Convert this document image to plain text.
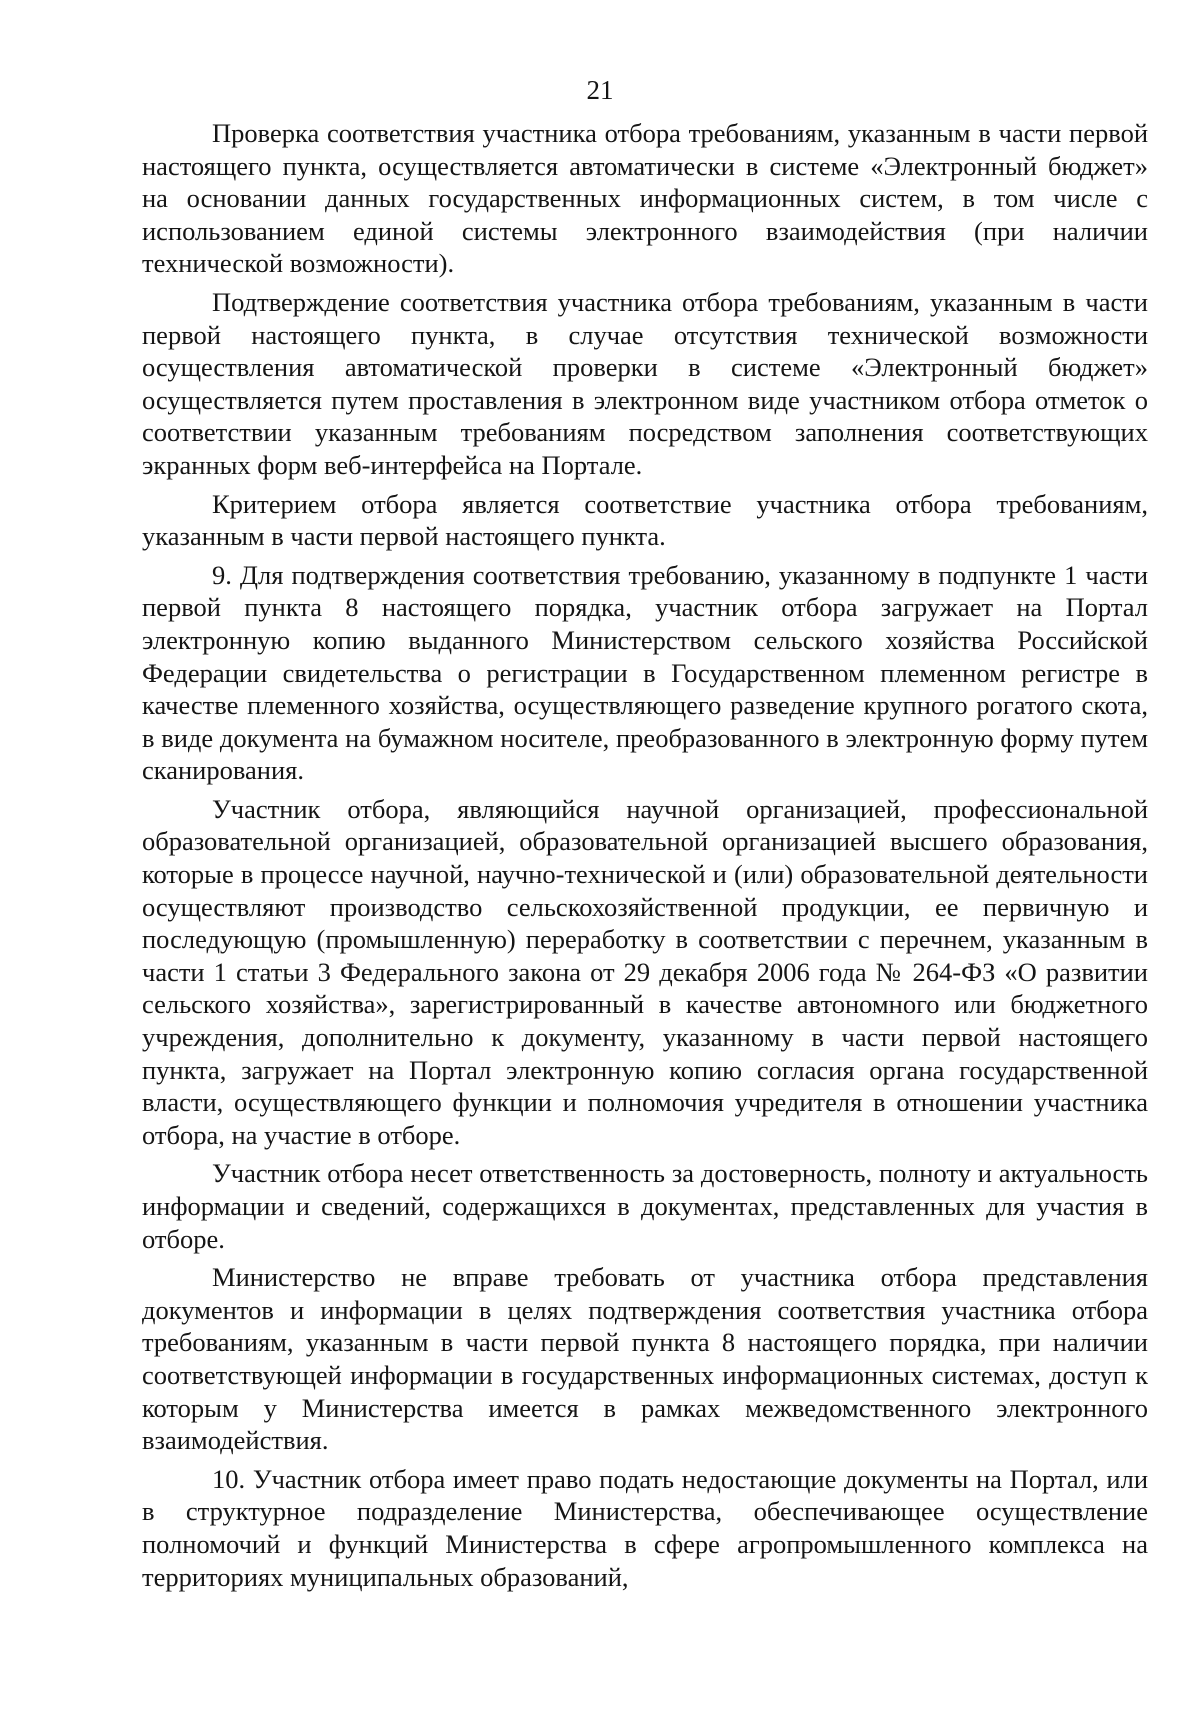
21

Проверка соответствия участника отбора требованиям, указанным в части первой настоящего пункта, осуществляется автоматически в системе «Электронный бюджет» на основании данных государственных информационных систем, в том числе с использованием единой системы электронного взаимодействия (при наличии технической возможности).

Подтверждение соответствия участника отбора требованиям, указанным в части первой настоящего пункта, в случае отсутствия технической возможности осуществления автоматической проверки в системе «Электронный бюджет» осуществляется путем проставления в электронном виде участником отбора отметок о соответствии указанным требованиям посредством заполнения соответствующих экранных форм веб-интерфейса на Портале.

Критерием отбора является соответствие участника отбора требованиям, указанным в части первой настоящего пункта.

9. Для подтверждения соответствия требованию, указанному в подпункте 1 части первой пункта 8 настоящего порядка, участник отбора загружает на Портал электронную копию выданного Министерством сельского хозяйства Российской Федерации свидетельства о регистрации в Государственном племенном регистре в качестве племенного хозяйства, осуществляющего разведение крупного рогатого скота, в виде документа на бумажном носителе, преобразованного в электронную форму путем сканирования.

Участник отбора, являющийся научной организацией, профессиональной образовательной организацией, образовательной организацией высшего образования, которые в процессе научной, научно-технической и (или) образовательной деятельности осуществляют производство сельскохозяйственной продукции, ее первичную и последующую (промышленную) переработку в соответствии с перечнем, указанным в части 1 статьи 3 Федерального закона от 29 декабря 2006 года № 264-ФЗ «О развитии сельского хозяйства», зарегистрированный в качестве автономного или бюджетного учреждения, дополнительно к документу, указанному в части первой настоящего пункта, загружает на Портал электронную копию согласия органа государственной власти, осуществляющего функции и полномочия учредителя в отношении участника отбора, на участие в отборе.

Участник отбора несет ответственность за достоверность, полноту и актуальность информации и сведений, содержащихся в документах, представленных для участия в отборе.

Министерство не вправе требовать от участника отбора представления документов и информации в целях подтверждения соответствия участника отбора требованиям, указанным в части первой пункта 8 настоящего порядка, при наличии соответствующей информации в государственных информационных системах, доступ к которым у Министерства имеется в рамках межведомственного электронного взаимодействия.

10. Участник отбора имеет право подать недостающие документы на Портал, или в структурное подразделение Министерства, обеспечивающее осуществление полномочий и функций Министерства в сфере агропромышленного комплекса на территориях муниципальных образований,
